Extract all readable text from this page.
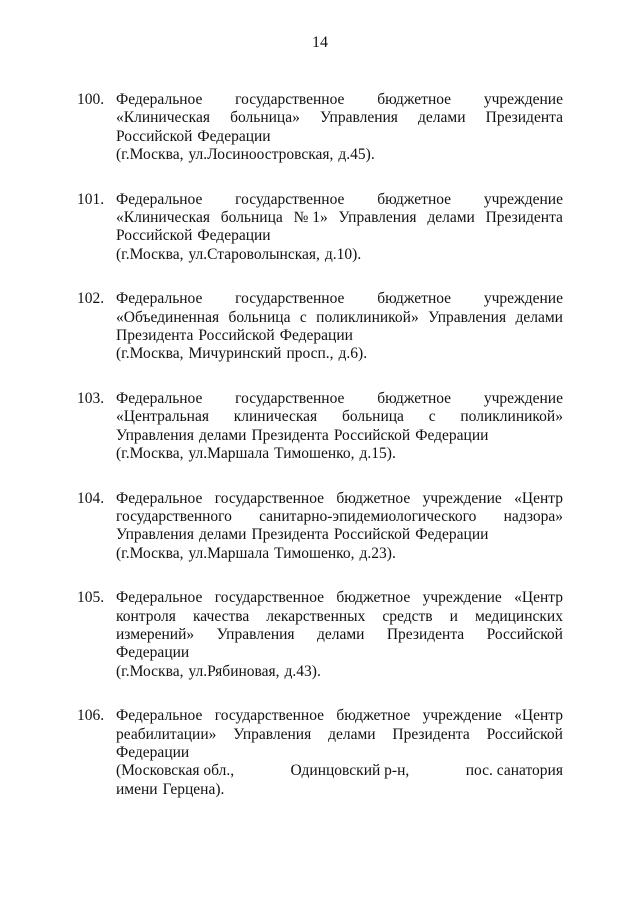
14
100. Федеральное государственное бюджетное учреждение
«Клиническая больница» Управления делами Президента
Российской Федерации
(г.Москва, ул.Лосиноостровская, д.45).
101. Федеральное государственное бюджетное учреждение
«Клиническая больница № 1» Управления делами Президента
Российской Федерации
(г.Москва, ул.Староволынская, д.10).
102. Федеральное государственное бюджетное учреждение
«Объединенная больница с поликлиникой» Управления делами
Президента Российской Федерации
(г.Москва, Мичуринский просп., д.6).
103. Федеральное государственное бюджетное учреждение
«Центральная клиническая больница с поликлиникой»
Управления делами Президента Российской Федерации
(г.Москва, ул.Маршала Тимошенко, д.15).
104. Федеральное государственное бюджетное учреждение «Центр
государственного санитарно-эпидемиологического надзора»
Управления делами Президента Российской Федерации
(г.Москва, ул.Маршала Тимошенко, д.23).
105. Федеральное государственное бюджетное учреждение «Центр
контроля качества лекарственных средств и медицинских
измерений» Управления делами Президента Российской
Федерации
(г.Москва, ул.Рябиновая, д.43).
106. Федеральное государственное бюджетное учреждение «Центр
реабилитации» Управления делами Президента Российской
Федерации
(Московская обл.,	Одинцовский р-н,	пос. санатория
имени Герцена).
